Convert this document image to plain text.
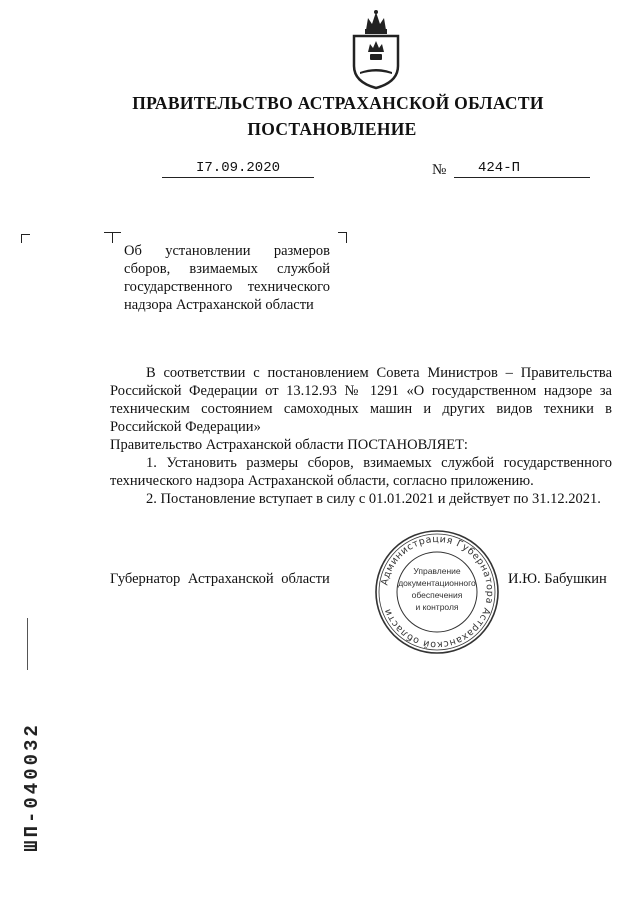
ПРАВИТЕЛЬСТВО АСТРАХАНСКОЙ ОБЛАСТИ
ПОСТАНОВЛЕНИЕ
I7.09.2020	№	424-П
Об установлении размеров сборов, взимаемых службой государственного технического надзора Астраханской области

В соответствии с постановлением Совета Министров – Правительства Российской Федерации от 13.12.93 № 1291 «О государственном надзоре за техническим состоянием самоходных машин и других видов техники в Российской Федерации»

Правительство Астраханской области ПОСТАНОВЛЯЕТ:

1. Установить размеры сборов, взимаемых службой государственного технического надзора Астраханской области, согласно приложению.

2. Постановление вступает в силу с 01.01.2021 и действует по 31.12.2021.

Губернатор Астраханской области	И.Ю. Бабушкин
Администрация Губернатора Астраханской области
Управление
документационного
обеспечения
и контроля
ШП-040032
